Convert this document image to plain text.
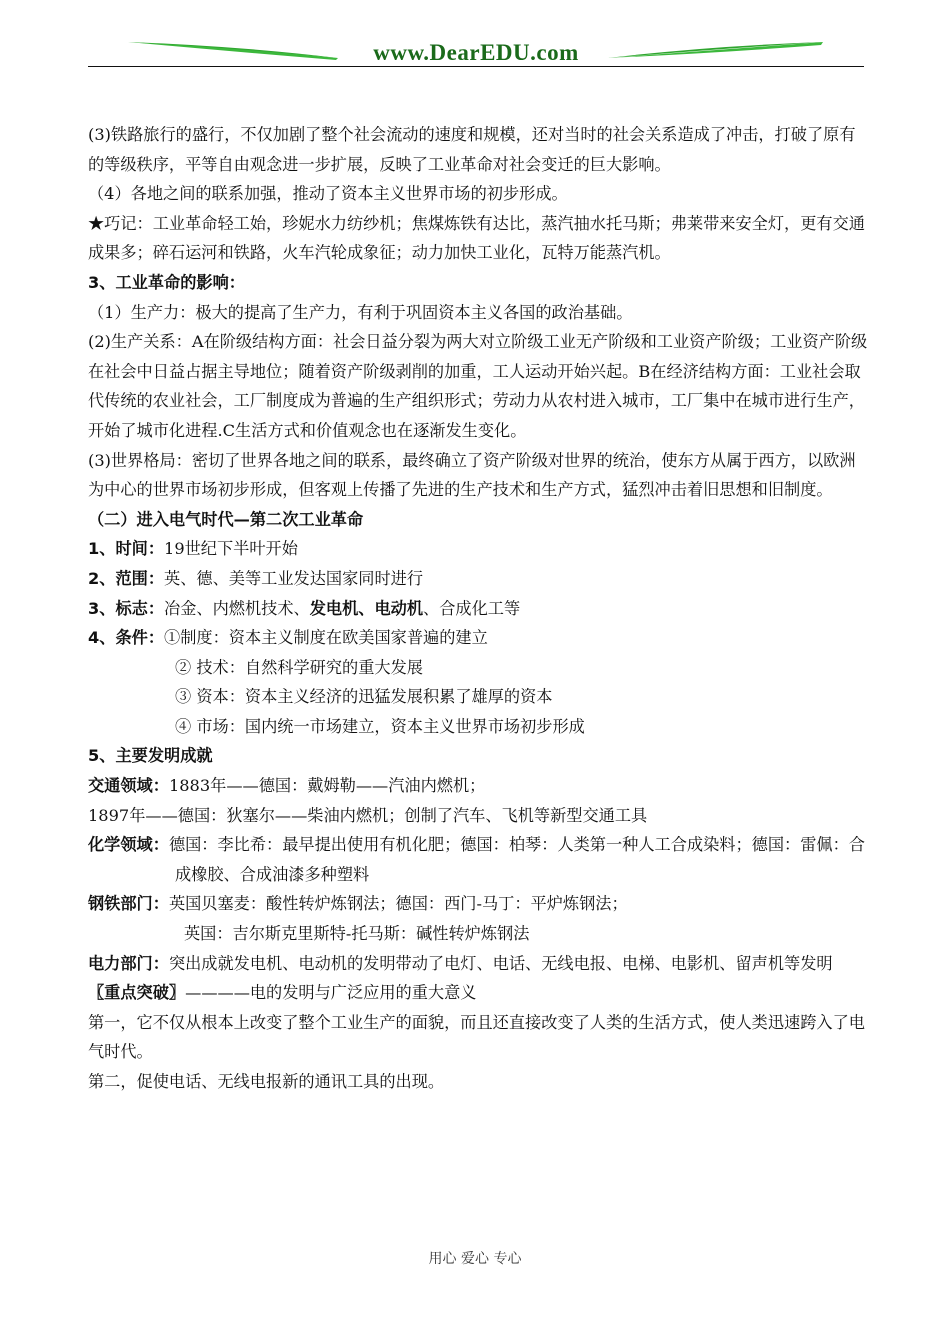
www.DearEDU.com

(3)铁路旅行的盛行，不仅加剧了整个社会流动的速度和规模，还对当时的社会关系造成了冲击，打破了原有的等级秩序，平等自由观念进一步扩展，反映了工业革命对社会变迁的巨大影响。

（4）各地之间的联系加强，推动了资本主义世界市场的初步形成。

★巧记：工业革命轻工始，珍妮水力纺纱机；焦煤炼铁有达比，蒸汽抽水托马斯；弗莱带来安全灯，更有交通成果多；碎石运河和铁路，火车汽轮成象征；动力加快工业化，瓦特万能蒸汽机。

3、工业革命的影响：

（1）生产力：极大的提高了生产力，有利于巩固资本主义各国的政治基础。

(2)生产关系：A在阶级结构方面：社会日益分裂为两大对立阶级工业无产阶级和工业资产阶级；工业资产阶级在社会中日益占据主导地位；随着资产阶级剥削的加重，工人运动开始兴起。B在经济结构方面：工业社会取代传统的农业社会，工厂制度成为普遍的生产组织形式；劳动力从农村进入城市，工厂集中在城市进行生产，开始了城市化进程.C生活方式和价值观念也在逐渐发生变化。

(3)世界格局：密切了世界各地之间的联系，最终确立了资产阶级对世界的统治，使东方从属于西方，以欧洲为中心的世界市场初步形成，但客观上传播了先进的生产技术和生产方式，猛烈冲击着旧思想和旧制度。

（二）进入电气时代—第二次工业革命

1、时间：19世纪下半叶开始

2、范围：英、德、美等工业发达国家同时进行

3、标志：冶金、内燃机技术、发电机、电动机、合成化工等

4、条件：①制度：资本主义制度在欧美国家普遍的建立

② 技术：自然科学研究的重大发展

③ 资本：资本主义经济的迅猛发展积累了雄厚的资本

④ 市场：国内统一市场建立，资本主义世界市场初步形成

5、主要发明成就

交通领域：1883年——德国：戴姆勒——汽油内燃机；

1897年——德国：狄塞尔——柴油内燃机；创制了汽车、飞机等新型交通工具

化学领域：德国：李比希：最早提出使用有机化肥；德国：柏琴：人类第一种人工合成染料；德国：雷佩：合成橡胶、合成油漆多种塑料

钢铁部门：英国贝塞麦：酸性转炉炼钢法；德国：西门-马丁：平炉炼钢法；

英国：吉尔斯克里斯特-托马斯：碱性转炉炼钢法

电力部门：突出成就发电机、电动机的发明带动了电灯、电话、无线电报、电梯、电影机、留声机等发明

〖重点突破〗————电的发明与广泛应用的重大意义

第一，它不仅从根本上改变了整个工业生产的面貌，而且还直接改变了人类的生活方式，使人类迅速跨入了电气时代。

第二，促使电话、无线电报新的通讯工具的出现。

用心 爱心 专心
